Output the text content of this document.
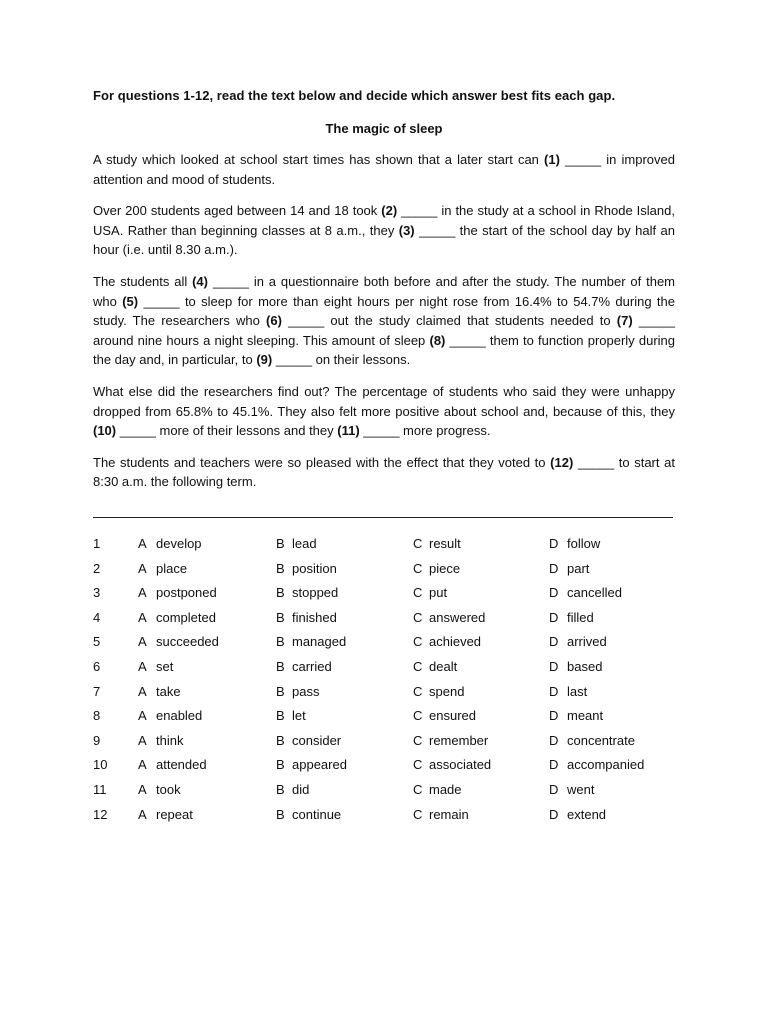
For questions 1-12, read the text below and decide which answer best fits each gap.
The magic of sleep

A study which looked at school start times has shown that a later start can (1) _____ in improved attention and mood of students.

Over 200 students aged between 14 and 18 took (2) _____ in the study at a school in Rhode Island, USA. Rather than beginning classes at 8 a.m., they (3) _____ the start of the school day by half an hour (i.e. until 8.30 a.m.).

The students all (4) _____ in a questionnaire both before and after the study. The number of them who (5) _____ to sleep for more than eight hours per night rose from 16.4% to 54.7% during the study. The researchers who (6) _____ out the study claimed that students needed to (7) _____ around nine hours a night sleeping. This amount of sleep (8) _____ them to function properly during the day and, in particular, to (9) _____ on their lessons.

What else did the researchers find out? The percentage of students who said they were unhappy dropped from 65.8% to 45.1%. They also felt more positive about school and, because of this, they (10) _____ more of their lessons and they (11) _____ more progress.

The students and teachers were so pleased with the effect that they voted to (12) _____ to start at 8:30 a.m. the following term.

1	A develop	B lead	C result	D follow
2	A place	B position	C piece	D part
3	A postponed	B stopped	C put	D cancelled
4	A completed	B finished	C answered	D filled
5	A succeeded	B managed	C achieved	D arrived
6	A set	B carried	C dealt	D based
7	A take	B pass	C spend	D last
8	A enabled	B let	C ensured	D meant
9	A think	B consider	C remember	D concentrate
10 A attended	B appeared	C associated	D accompanied
11 A took	B did	C made	D went
12 A repeat	B continue	C remain	D extend
